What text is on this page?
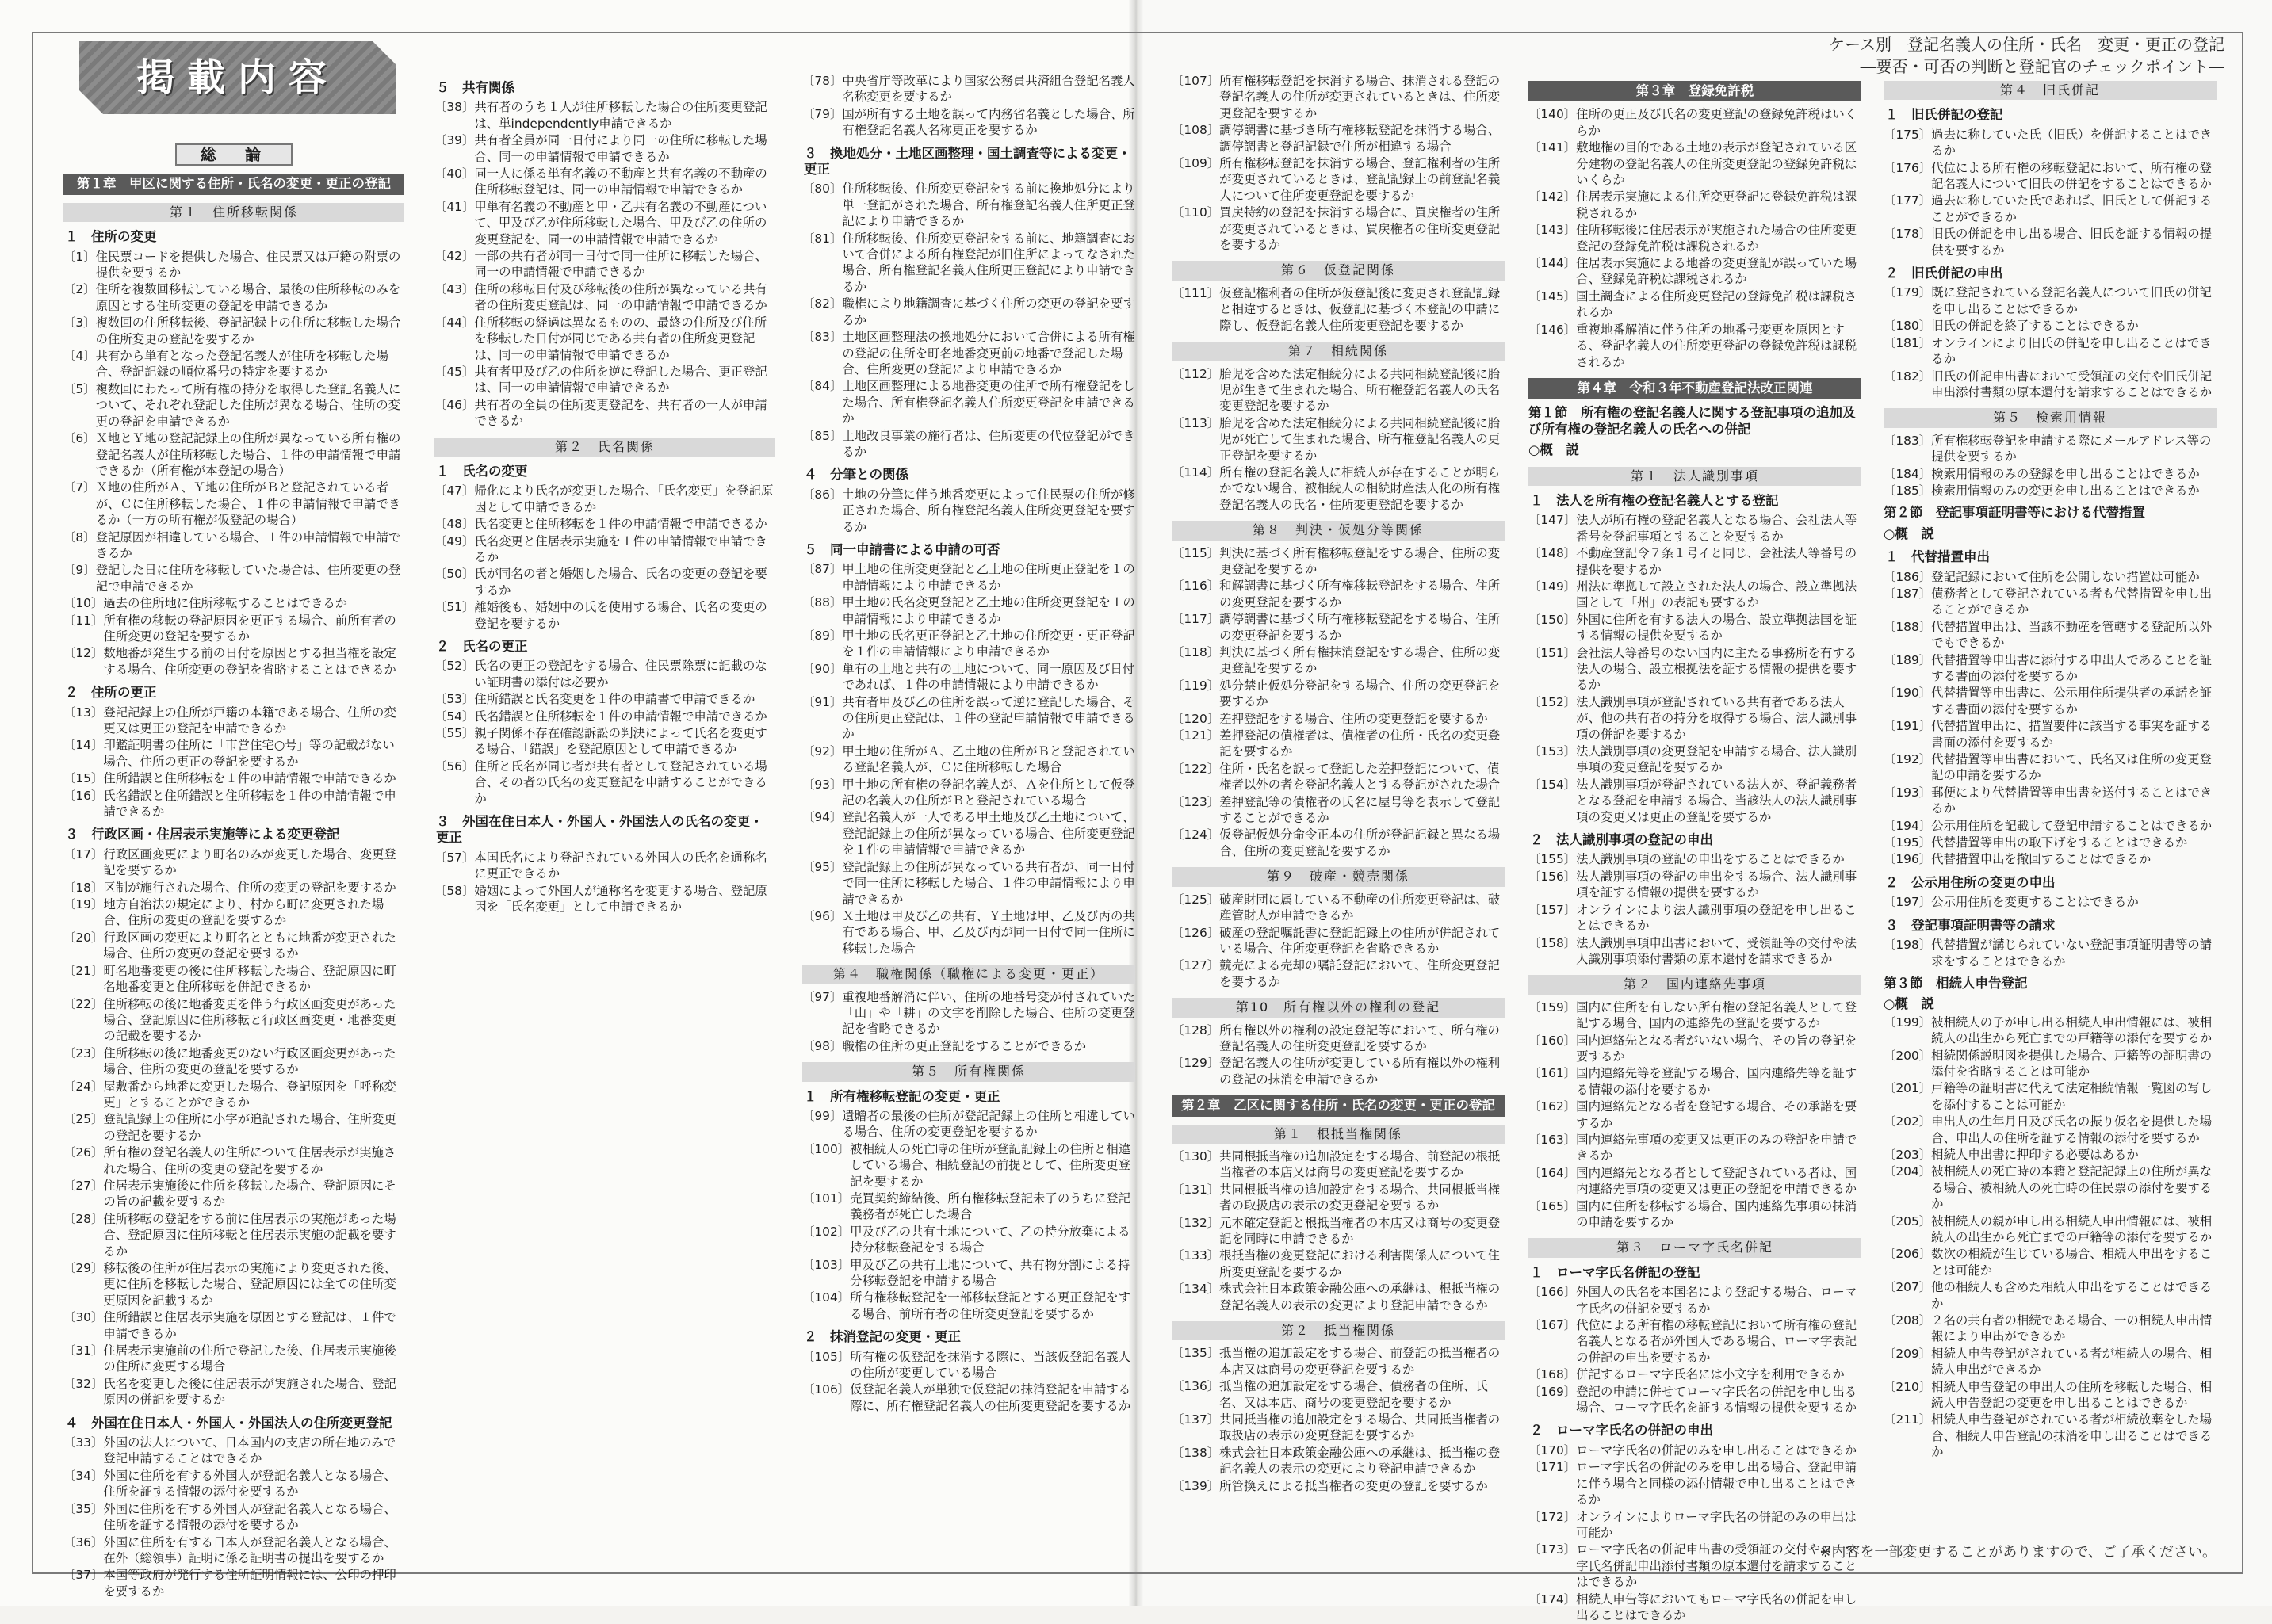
掲載内容
ケース別　登記名義人の住所・氏名　変更・更正の登記
―要否・可否の判断と登記官のチェックポイント―
総　論
第１章　甲区に関する住所・氏名の変更・更正の登記
第１　住所移転関係
１　住所の変更
〔1〕 住民票コードを提供した場合、住民票又は戸籍の附票の提供を要するか
〔2〕 住所を複数回移転している場合、最後の住所移転のみを原因とする住所変更の登記を申請できるか
〔3〕 複数回の住所移転後、登記記録上の住所に移転した場合の住所変更の登記を要するか
〔4〕 共有から単有となった登記名義人が住所を移転した場合、登記記録の順位番号の特定を要するか
〔5〕 複数回にわたって所有権の持分を取得した登記名義人について、それぞれ登記した住所が異なる場合、住所の変更の登記を申請できるか
〔6〕 Ｘ地とＹ地の登記記録上の住所が異なっている所有権の登記名義人が住所移転した場合、１件の申請情報で申請できるか（所有権が本登記の場合）
〔7〕 Ｘ地の住所がＡ、Ｙ地の住所がＢと登記されている者が、Ｃに住所移転した場合、１件の申請情報で申請できるか（一方の所有権が仮登記の場合）
〔8〕 登記原因が相違している場合、１件の申請情報で申請できるか
〔9〕 登記した日に住所を移転していた場合は、住所変更の登記で申請できるか
〔10〕 過去の住所地に住所移転することはできるか
〔11〕 所有権の移転の登記原因を更正する場合、前所有者の住所変更の登記を要するか
〔12〕 数地番が発生する前の日付を原因とする担当権を設定する場合、住所変更の登記を省略することはできるか
２　住所の更正
〔13〕 登記記録上の住所が戸籍の本籍である場合、住所の変更又は更正の登記を申請できるか
〔14〕 印鑑証明書の住所に「市営住宅○号」等の記載がない場合、住所の更正の登記を要するか
〔15〕 住所錯誤と住所移転を１件の申請情報で申請できるか
〔16〕 氏名錯誤と住所錯誤と住所移転を１件の申請情報で申請できるか
３　行政区画・住居表示実施等による変更登記
〔17〕 行政区画変更により町名のみが変更した場合、変更登記を要するか
〔18〕 区制が施行された場合、住所の変更の登記を要するか
〔19〕 地方自治法の規定により、村から町に変更された場合、住所の変更の登記を要するか
〔20〕 行政区画の変更により町名とともに地番が変更された場合、住所の変更の登記を要するか
〔21〕 町名地番変更の後に住所移転した場合、登記原因に町名地番変更と住所移転を併記できるか
〔22〕 住所移転の後に地番変更を伴う行政区画変更があった場合、登記原因に住所移転と行政区画変更・地番変更の記載を要するか
〔23〕 住所移転の後に地番変更のない行政区画変更があった場合、住所の変更の登記を要するか
〔24〕 屋敷番から地番に変更した場合、登記原因を「呼称変更」とすることができるか
〔25〕 登記記録上の住所に小字が追記された場合、住所変更の登記を要するか
〔26〕 所有権の登記名義人の住所について住居表示が実施された場合、住所の変更の登記を要するか
〔27〕 住居表示実施後に住所を移転した場合、登記原因にその旨の記載を要するか
〔28〕 住所移転の登記をする前に住居表示の実施があった場合、登記原因に住所移転と住居表示実施の記載を要するか
〔29〕 移転後の住所が住居表示の実施により変更された後、更に住所を移転した場合、登記原因には全ての住所変更原因を記載するか
〔30〕 住所錯誤と住居表示実施を原因とする登記は、１件で申請できるか
〔31〕 住居表示実施前の住所で登記した後、住居表示実施後の住所に変更する場合
〔32〕 氏名を変更した後に住居表示が実施された場合、登記原因の併記を要するか
４　外国在住日本人・外国人・外国法人の住所変更登記
〔33〕 外国の法人について、日本国内の支店の所在地のみで登記申請することはできるか
〔34〕 外国に住所を有する外国人が登記名義人となる場合、住所を証する情報の添付を要するか
〔35〕 外国に住所を有する外国人が登記名義人となる場合、住所を証する情報の添付を要するか
〔36〕 外国に住所を有する日本人が登記名義人となる場合、在外（総領事）証明に係る証明書の提出を要するか
〔37〕 本国等政府が発行する住所証明情報には、公印の押印を要するか
５　共有関係
〔38〕 共有者のうち１人が住所移転した場合の住所変更登記は、単independently申請できるか
〔39〕 共有者全員が同一日付により同一の住所に移転した場合、同一の申請情報で申請できるか
〔40〕 同一人に係る単有名義の不動産と共有名義の不動産の住所移転登記は、同一の申請情報で申請できるか
〔41〕 甲単有名義の不動産と甲・乙共有名義の不動産について、甲及び乙が住所移転した場合、甲及び乙の住所の変更登記を、同一の申請情報で申請できるか
〔42〕 一部の共有者が同一日付で同一住所に移転した場合、同一の申請情報で申請できるか
〔43〕 住所の移転日付及び移転後の住所が異なっている共有者の住所変更登記は、同一の申請情報で申請できるか
〔44〕 住所移転の経過は異なるものの、最終の住所及び住所を移転した日付が同じである共有者の住所変更登記は、同一の申請情報で申請できるか
〔45〕 共有者甲及び乙の住所を逆に登記した場合、更正登記は、同一の申請情報で申請できるか
〔46〕 共有者の全員の住所変更登記を、共有者の一人が申請できるか
第２　氏名関係
１　氏名の変更
〔47〕 帰化により氏名が変更した場合、「氏名変更」を登記原因として申請できるか
〔48〕 氏名変更と住所移転を１件の申請情報で申請できるか
〔49〕 氏名変更と住居表示実施を１件の申請情報で申請できるか
〔50〕 氏が同名の者と婚姻した場合、氏名の変更の登記を要するか
〔51〕 離婚後も、婚姻中の氏を使用する場合、氏名の変更の登記を要するか
２　氏名の更正
〔52〕 氏名の更正の登記をする場合、住民票除票に記載のない証明書の添付は必要か
〔53〕 住所錯誤と氏名変更を１件の申請書で申請できるか
〔54〕 氏名錯誤と住所移転を１件の申請情報で申請できるか
〔55〕 親子関係不存在確認訴訟の判決によって氏名を変更する場合、「錯誤」を登記原因として申請できるか
〔56〕 住所と氏名が同じ者が共有者として登記されている場合、その者の氏名の変更登記を申請することができるか
３　外国在住日本人・外国人・外国法人の氏名の変更・更正
〔57〕 本国氏名により登記されている外国人の氏名を通称名に更正できるか
〔58〕 婚姻によって外国人が通称名を変更する場合、登記原因を「氏名変更」として申請できるか
〔78〕 中央省庁等改革により国家公務員共済組合登記名義人名称変更を要するか
〔79〕 国が所有する土地を誤って内務省名義とした場合、所有権登記名義人名称更正を要するか
３　換地処分・土地区画整理・国土調査等による変更・更正
〔80〕 住所移転後、住所変更登記をする前に換地処分により単一登記がされた場合、所有権登記名義人住所更正登記により申請できるか
〔81〕 住所移転後、住所変更登記をする前に、地籍調査において合併による所有権登記が旧住所によってなされた場合、所有権登記名義人住所更正登記により申請できるか
〔82〕 職権により地籍調査に基づく住所の変更の登記を要するか
〔83〕 土地区画整理法の換地処分において合併による所有権の登記の住所を町名地番変更前の地番で登記した場合、住所変更の登記により申請できるか
〔84〕 土地区画整理による地番変更の住所で所有権登記をした場合、所有権登記名義人住所変更登記を申請できるか
〔85〕 土地改良事業の施行者は、住所変更の代位登記ができるか
４　分筆との関係
〔86〕 土地の分筆に伴う地番変更によって住民票の住所が修正された場合、所有権登記名義人住所変更登記を要するか
５　同一申請書による申請の可否
〔87〕 甲土地の住所変更登記と乙土地の住所更正登記を１の申請情報により申請できるか
〔88〕 甲土地の氏名変更登記と乙土地の住所変更登記を１の申請情報により申請できるか
〔89〕 甲土地の氏名更正登記と乙土地の住所変更・更正登記を１件の申請情報により申請できるか
〔90〕 単有の土地と共有の土地について、同一原因及び日付であれば、１件の申請情報により申請できるか
〔91〕 共有者甲及び乙の住所を誤って逆に登記した場合、その住所更正登記は、１件の登記申請情報で申請できるか
〔92〕 甲土地の住所がＡ、乙土地の住所がＢと登記されている登記名義人が、Ｃに住所移転した場合
〔93〕 甲土地の所有権の登記名義人が、Ａを住所として仮登記の名義人の住所がＢと登記されている場合
〔94〕 登記名義人が一人である甲土地及び乙土地について、登記記録上の住所が異なっている場合、住所変更登記を１件の申請情報で申請できるか
〔95〕 登記記録上の住所が異なっている共有者が、同一日付で同一住所に移転した場合、１件の申請情報により申請できるか
〔96〕 Ｘ土地は甲及び乙の共有、Ｙ土地は甲、乙及び丙の共有である場合、甲、乙及び丙が同一日付で同一住所に移転した場合
第４　職権関係（職権による変更・更正）
〔97〕 重複地番解消に伴い、住所の地番号変が付されていた「山」や「耕」の文字を削除した場合、住所の変更登記を省略できるか
〔98〕 職権の住所の更正登記をすることができるか
第５　所有権関係
１　所有権移転登記の変更・更正
〔99〕 遺贈者の最後の住所が登記記録上の住所と相違している場合、住所の変更登記を要するか
〔100〕 被相続人の死亡時の住所が登記記録上の住所と相違している場合、相続登記の前提として、住所変更登記を要するか
〔101〕 売買契約締結後、所有権移転登記未了のうちに登記義務者が死亡した場合
〔102〕 甲及び乙の共有土地について、乙の持分放棄による持分移転登記をする場合
〔103〕 甲及び乙の共有土地について、共有物分割による持分移転登記を申請する場合
〔104〕 所有権移転登記を一部移転登記とする更正登記をする場合、前所有者の住所変更登記を要するか
２　抹消登記の変更・更正
〔105〕 所有権の仮登記を抹消する際に、当該仮登記名義人の住所が変更している場合
〔106〕 仮登記名義人が単独で仮登記の抹消登記を申請する際に、所有権登記名義人の住所変更登記を要するか
〔107〕 所有権移転登記を抹消する場合、抹消される登記の登記名義人の住所が変更されているときは、住所変更登記を要するか
〔108〕 調停調書に基づき所有権移転登記を抹消する場合、調停調書と登記記録で住所が相違する場合
〔109〕 所有権移転登記を抹消する場合、登記権利者の住所が変更されているときは、登記記録上の前登記名義人について住所変更登記を要するか
〔110〕 買戻特約の登記を抹消する場合に、買戻権者の住所が変更されているときは、買戻権者の住所変更登記を要するか
第６　仮登記関係
〔111〕 仮登記権利者の住所が仮登記後に変更され登記記録と相違するときは、仮登記に基づく本登記の申請に際し、仮登記名義人住所変更登記を要するか
第７　相続関係
〔112〕 胎児を含めた法定相続分による共同相続登記後に胎児が生きて生まれた場合、所有権登記名義人の氏名変更登記を要するか
〔113〕 胎児を含めた法定相続分による共同相続登記後に胎児が死亡して生まれた場合、所有権登記名義人の更正登記を要するか
〔114〕 所有権の登記名義人に相続人が存在することが明らかでない場合、被相続人の相続財産法人化の所有権登記名義人の氏名・住所変更登記を要するか
第８　判決・仮処分等関係
〔115〕 判決に基づく所有権移転登記をする場合、住所の変更登記を要するか
〔116〕 和解調書に基づく所有権移転登記をする場合、住所の変更登記を要するか
〔117〕 調停調書に基づく所有権移転登記をする場合、住所の変更登記を要するか
〔118〕 判決に基づく所有権抹消登記をする場合、住所の変更登記を要するか
〔119〕 処分禁止仮処分登記をする場合、住所の変更登記を要するか
〔120〕 差押登記をする場合、住所の変更登記を要するか
〔121〕 差押登記の債権者は、債権者の住所・氏名の変更登記を要するか
〔122〕 住所・氏名を誤って登記した差押登記について、債権者以外の者を登記名義人とする登記がされた場合
〔123〕 差押登記等の債権者の氏名に屋号等を表示して登記することができるか
〔124〕 仮登記仮処分命令正本の住所が登記記録と異なる場合、住所の変更登記を要するか
第９　破産・競売関係
〔125〕 破産財団に属している不動産の住所変更登記は、破産管財人が申請できるか
〔126〕 破産の登記嘱託書に登記記録上の住所が併記されている場合、住所変更登記を省略できるか
〔127〕 競売による売却の嘱託登記において、住所変更登記を要するか
第10　所有権以外の権利の登記
〔128〕 所有権以外の権利の設定登記等において、所有権の登記名義人の住所変更登記を要するか
〔129〕 登記名義人の住所が変更している所有権以外の権利の登記の抹消を申請できるか
第２章　乙区に関する住所・氏名の変更・更正の登記
第１　根抵当権関係
〔130〕 共同根抵当権の追加設定をする場合、前登記の根抵当権者の本店又は商号の変更登記を要するか
〔131〕 共同根抵当権の追加設定をする場合、共同根抵当権者の取扱店の表示の変更登記を要するか
〔132〕 元本確定登記と根抵当権者の本店又は商号の変更登記を同時に申請できるか
〔133〕 根抵当権の変更登記における利害関係人について住所変更登記を要するか
〔134〕 株式会社日本政策金融公庫への承継は、根抵当権の登記名義人の表示の変更により登記申請できるか
第２　抵当権関係
〔135〕 抵当権の追加設定をする場合、前登記の抵当権者の本店又は商号の変更登記を要するか
〔136〕 抵当権の追加設定をする場合、債務者の住所、氏名、又は本店、商号の変更登記を要するか
〔137〕 共同抵当権の追加設定をする場合、共同抵当権者の取扱店の表示の変更登記を要するか
〔138〕 株式会社日本政策金融公庫への承継は、抵当権の登記名義人の表示の変更により登記申請できるか
〔139〕 所管換えによる抵当権者の変更の登記を要するか
第３章　登録免許税
〔140〕 住所の更正及び氏名の変更登記の登録免許税はいくらか
〔141〕 敷地権の目的である土地の表示が登記されている区分建物の登記名義人の住所変更登記の登録免許税はいくらか
〔142〕 住居表示実施による住所変更登記に登録免許税は課税されるか
〔143〕 住所移転後に住居表示が実施された場合の住所変更登記の登録免許税は課税されるか
〔144〕 住居表示実施による地番の変更登記が誤っていた場合、登録免許税は課税されるか
〔145〕 国土調査による住所変更登記の登録免許税は課税されるか
〔146〕 重複地番解消に伴う住所の地番号変更を原因とする、登記名義人の住所変更登記の登録免許税は課税されるか
第４章　令和３年不動産登記法改正関連
第１節　所有権の登記名義人に関する登記事項の追加及び所有権の登記名義人の氏名への併記
○概　説
第１　法人識別事項
１　法人を所有権の登記名義人とする登記
〔147〕 法人が所有権の登記名義人となる場合、会社法人等番号を登記事項とすることを要するか
〔148〕 不動産登記令７条１号イと同じ、会社法人等番号の提供を要するか
〔149〕 州法に準拠して設立された法人の場合、設立準拠法国として「州」の表記も要するか
〔150〕 外国に住所を有する法人の場合、設立準拠法国を証する情報の提供を要するか
〔151〕 会社法人等番号のない国内に主たる事務所を有する法人の場合、設立根拠法を証する情報の提供を要するか
〔152〕 法人識別事項が登記されている共有者である法人が、他の共有者の持分を取得する場合、法人識別事項の併記を要するか
〔153〕 法人識別事項の変更登記を申請する場合、法人識別事項の変更登記を要するか
〔154〕 法人識別事項が登記されている法人が、登記義務者となる登記を申請する場合、当該法人の法人識別事項の変更又は更正の登記を要するか
２　法人識別事項の登記の申出
〔155〕 法人識別事項の登記の申出をすることはできるか
〔156〕 法人識別事項の登記の申出をする場合、法人識別事項を証する情報の提供を要するか
〔157〕 オンラインにより法人識別事項の登記を申し出ることはできるか
〔158〕 法人識別事項申出書において、受領証等の交付や法人識別事項添付書類の原本還付を請求できるか
第２　国内連絡先事項
〔159〕 国内に住所を有しない所有権の登記名義人として登記する場合、国内の連絡先の登記を要するか
〔160〕 国内連絡先となる者がいない場合、その旨の登記を要するか
〔161〕 国内連絡先等を登記する場合、国内連絡先等を証する情報の添付を要するか
〔162〕 国内連絡先となる者を登記する場合、その承諾を要するか
〔163〕 国内連絡先事項の変更又は更正のみの登記を申請できるか
〔164〕 国内連絡先となる者として登記されている者は、国内連絡先事項の変更又は更正の登記を申請できるか
〔165〕 国内に住所を移転する場合、国内連絡先事項の抹消の申請を要するか
第３　ローマ字氏名併記
１　ローマ字氏名併記の登記
〔166〕 外国人の氏名を本国名により登記する場合、ローマ字氏名の併記を要するか
〔167〕 代位による所有権の移転登記において所有権の登記名義人となる者が外国人である場合、ローマ字表記の併記の申出を要するか
〔168〕 併記するローマ字氏名には小文字を利用できるか
〔169〕 登記の申請に併せてローマ字氏名の併記を申し出る場合、ローマ字氏名を証する情報の提供を要するか
２　ローマ字氏名の併記の申出
〔170〕 ローマ字氏名の併記のみを申し出ることはできるか
〔171〕 ローマ字氏名の併記のみを申し出る場合、登記申請に伴う場合と同様の添付情報で申し出ることはできるか
〔172〕 オンラインによりローマ字氏名の併記のみの申出は可能か
〔173〕 ローマ字氏名の併記申出書の受領証の交付やローマ字氏名併記申出添付書類の原本還付を請求することはできるか
〔174〕 相続人申告等においてもローマ字氏名の併記を申し出ることはできるか
第４　旧氏併記
１　旧氏併記の登記
〔175〕 過去に称していた氏（旧氏）を併記することはできるか
〔176〕 代位による所有権の移転登記において、所有権の登記名義人について旧氏の併記をすることはできるか
〔177〕 過去に称していた氏であれば、旧氏として併記することができるか
〔178〕 旧氏の併記を申し出る場合、旧氏を証する情報の提供を要するか
２　旧氏併記の申出
〔179〕 既に登記されている登記名義人について旧氏の併記を申し出ることはできるか
〔180〕 旧氏の併記を終了することはできるか
〔181〕 オンラインにより旧氏の併記を申し出ることはできるか
〔182〕 旧氏の併記申出書において受領証の交付や旧氏併記申出添付書類の原本還付を請求することはできるか
第５　検索用情報
〔183〕 所有権移転登記を申請する際にメールアドレス等の提供を要するか
〔184〕 検索用情報のみの登録を申し出ることはできるか
〔185〕 検索用情報のみの変更を申し出ることはできるか
第２節　登記事項証明書等における代替措置
○概　説
１　代替措置申出
〔186〕 登記記録において住所を公開しない措置は可能か
〔187〕 債務者として登記されている者も代替措置を申し出ることができるか
〔188〕 代替措置申出は、当該不動産を管轄する登記所以外でもできるか
〔189〕 代替措置等申出書に添付する申出人であることを証する書面の添付を要するか
〔190〕 代替措置等申出書に、公示用住所提供者の承諾を証する書面の添付を要するか
〔191〕 代替措置申出に、措置要件に該当する事実を証する書面の添付を要するか
〔192〕 代替措置等申出書において、氏名又は住所の変更登記の申請を要するか
〔193〕 郵便により代替措置等申出書を送付することはできるか
〔194〕 公示用住所を記載して登記申請することはできるか
〔195〕 代替措置等申出の取下げをすることはできるか
〔196〕 代替措置申出を撤回することはできるか
２　公示用住所の変更の申出
〔197〕 公示用住所を変更することはできるか
３　登記事項証明書等の請求
〔198〕 代替措置が講じられていない登記事項証明書等の請求をすることはできるか
第３節　相続人申告登記
○概　説
〔199〕 被相続人の子が申し出る相続人申出情報には、被相続人の出生から死亡までの戸籍等の添付を要するか
〔200〕 相続関係説明図を提供した場合、戸籍等の証明書の添付を省略することは可能か
〔201〕 戸籍等の証明書に代えて法定相続情報一覧図の写しを添付することは可能か
〔202〕 申出人の生年月日及び氏名の振り仮名を提供した場合、申出人の住所を証する情報の添付を要するか
〔203〕 相続人申出書に押印する必要はあるか
〔204〕 被相続人の死亡時の本籍と登記記録上の住所が異なる場合、被相続人の死亡時の住民票の添付を要するか
〔205〕 被相続人の親が申し出る相続人申出情報には、被相続人の出生から死亡までの戸籍等の添付を要するか
〔206〕 数次の相続が生じている場合、相続人申出をすることは可能か
〔207〕 他の相続人も含めた相続人申出をすることはできるか
〔208〕 ２名の共有者の相続である場合、一の相続人申出情報により申出ができるか
〔209〕 相続人申告登記がされている者が相続人の場合、相続人申出ができるか
〔210〕 相続人申告登記の申出人の住所を移転した場合、相続人申告登記の変更を申し出ることはできるか
〔211〕 相続人申告登記がされている者が相続放棄をした場合、相続人申告登記の抹消を申し出ることはできるか
※内容を一部変更することがありますので、ご了承ください。
